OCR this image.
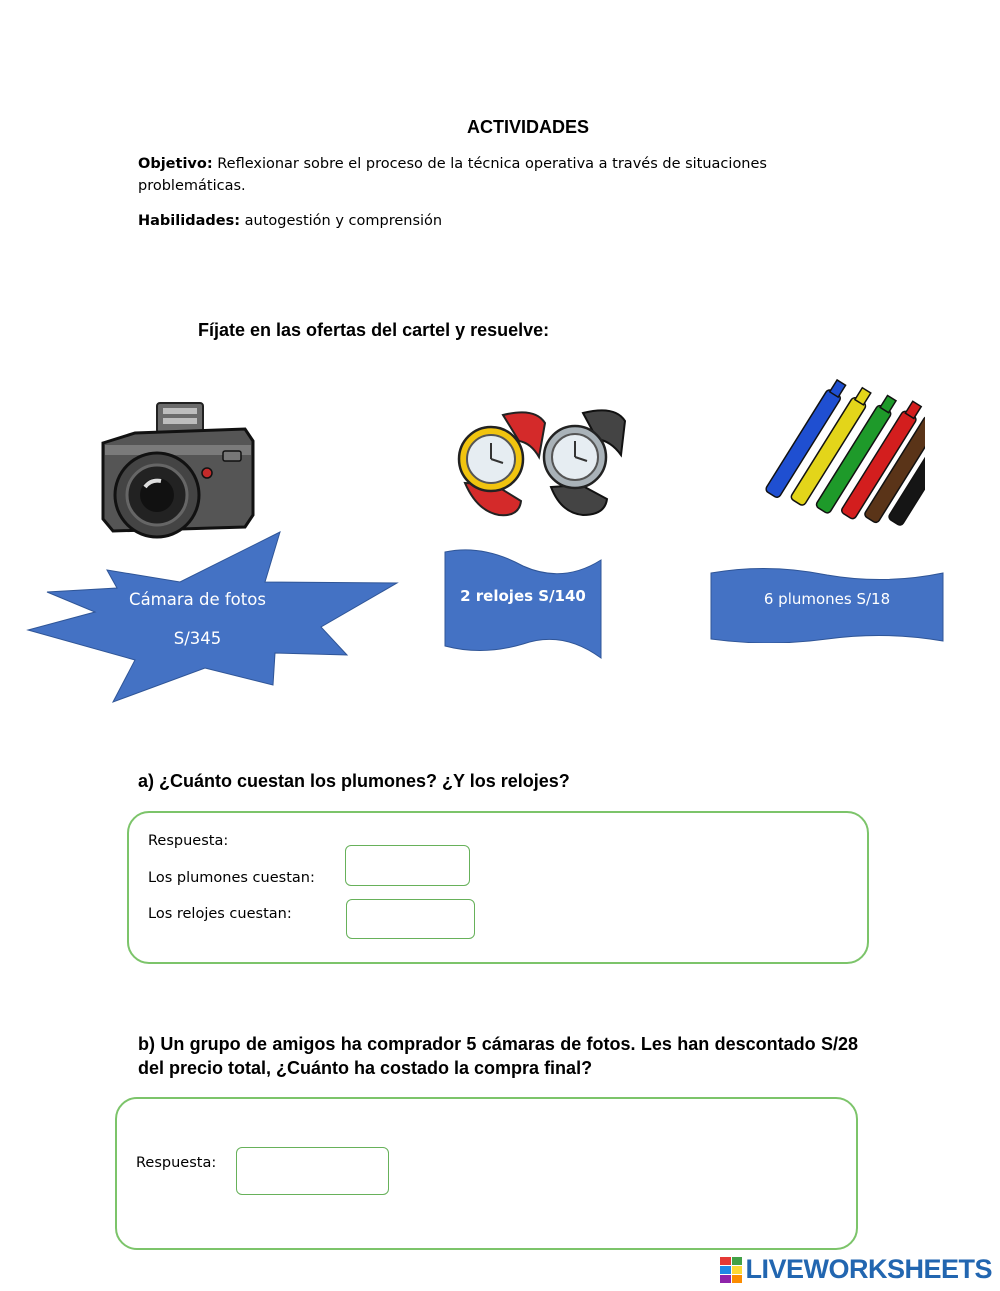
ACTIVIDADES
Objetivo: Reflexionar sobre el proceso de la técnica operativa a través de situaciones problemáticas.
Habilidades: autogestión y comprensión
Fíjate en las ofertas del cartel y resuelve:
Cámara de fotos
S/345
2 relojes S/140	6 plumones S/18
a) ¿Cuánto cuestan los plumones? ¿Y los relojes?
Respuesta:
Los plumones cuestan:
Los relojes cuestan:
b) Un grupo de amigos ha comprador 5 cámaras de fotos. Les han descontado S/28 del precio total, ¿Cuánto ha costado la compra final?
Respuesta:
LIVEWORKSHEETS
